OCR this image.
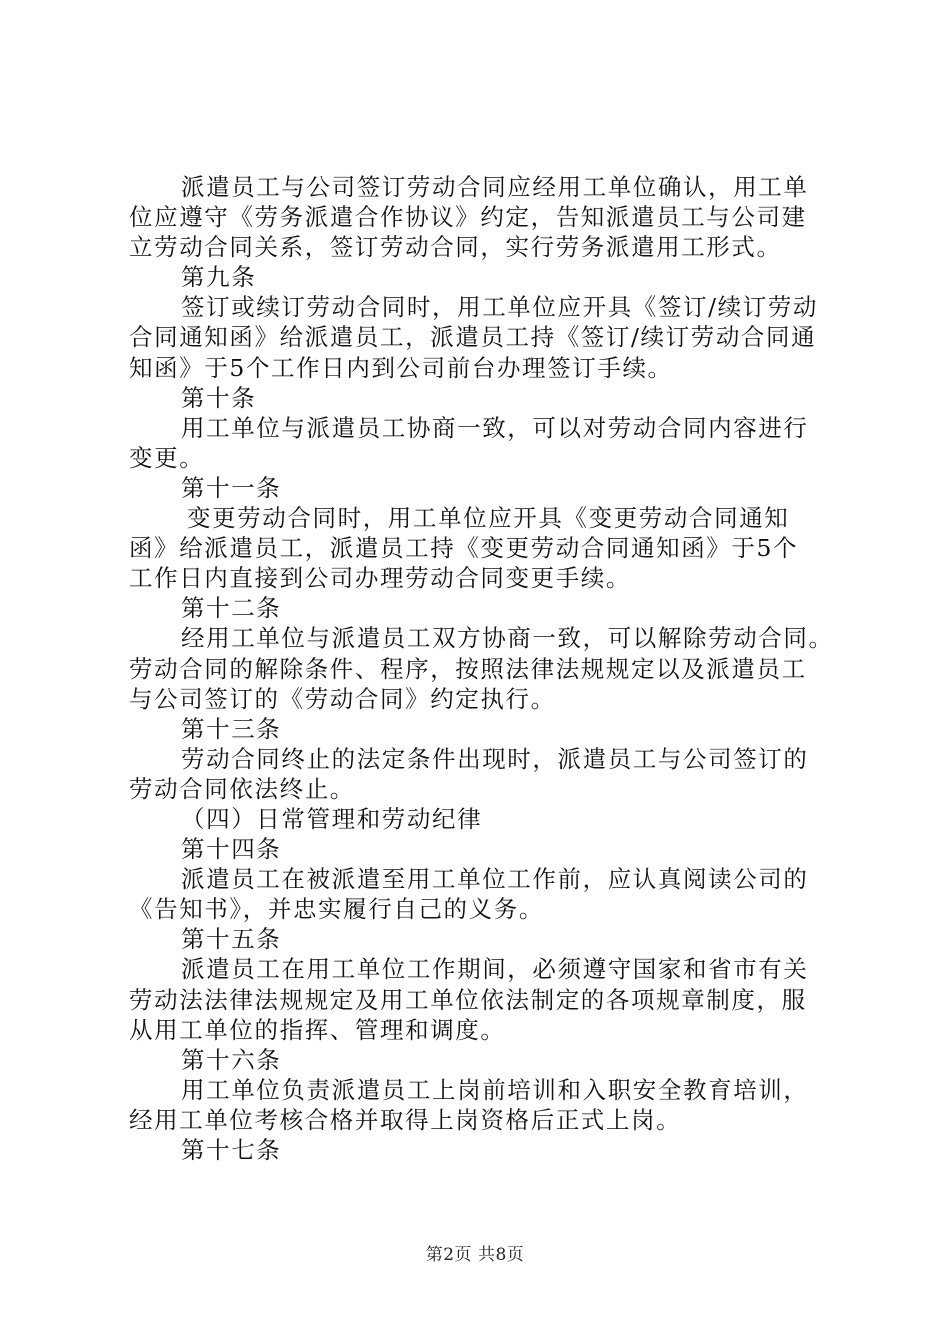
派遣员工与公司签订劳动合同应经用工单位确认，用工单
位应遵守《劳务派遣合作协议》约定，告知派遣员工与公司建
立劳动合同关系，签订劳动合同，实行劳务派遣用工形式。
第九条
签订或续订劳动合同时，用工单位应开具《签订/续订劳动
合同通知函》给派遣员工，派遣员工持《签订/续订劳动合同通
知函》于5个工作日内到公司前台办理签订手续。
第十条
用工单位与派遣员工协商一致，可以对劳动合同内容进行
变更。
第十一条
变更劳动合同时，用工单位应开具《变更劳动合同通知
函》给派遣员工，派遣员工持《变更劳动合同通知函》于5个
工作日内直接到公司办理劳动合同变更手续。
第十二条
经用工单位与派遣员工双方协商一致，可以解除劳动合同。
劳动合同的解除条件、程序，按照法律法规规定以及派遣员工
与公司签订的《劳动合同》约定执行。
第十三条
劳动合同终止的法定条件出现时，派遣员工与公司签订的
劳动合同依法终止。
（四）日常管理和劳动纪律
第十四条
派遣员工在被派遣至用工单位工作前，应认真阅读公司的
《告知书》，并忠实履行自己的义务。
第十五条
派遣员工在用工单位工作期间，必须遵守国家和省市有关
劳动法法律法规规定及用工单位依法制定的各项规章制度，服
从用工单位的指挥、管理和调度。
第十六条
用工单位负责派遣员工上岗前培训和入职安全教育培训，
经用工单位考核合格并取得上岗资格后正式上岗。
第十七条
第2页 共8页
